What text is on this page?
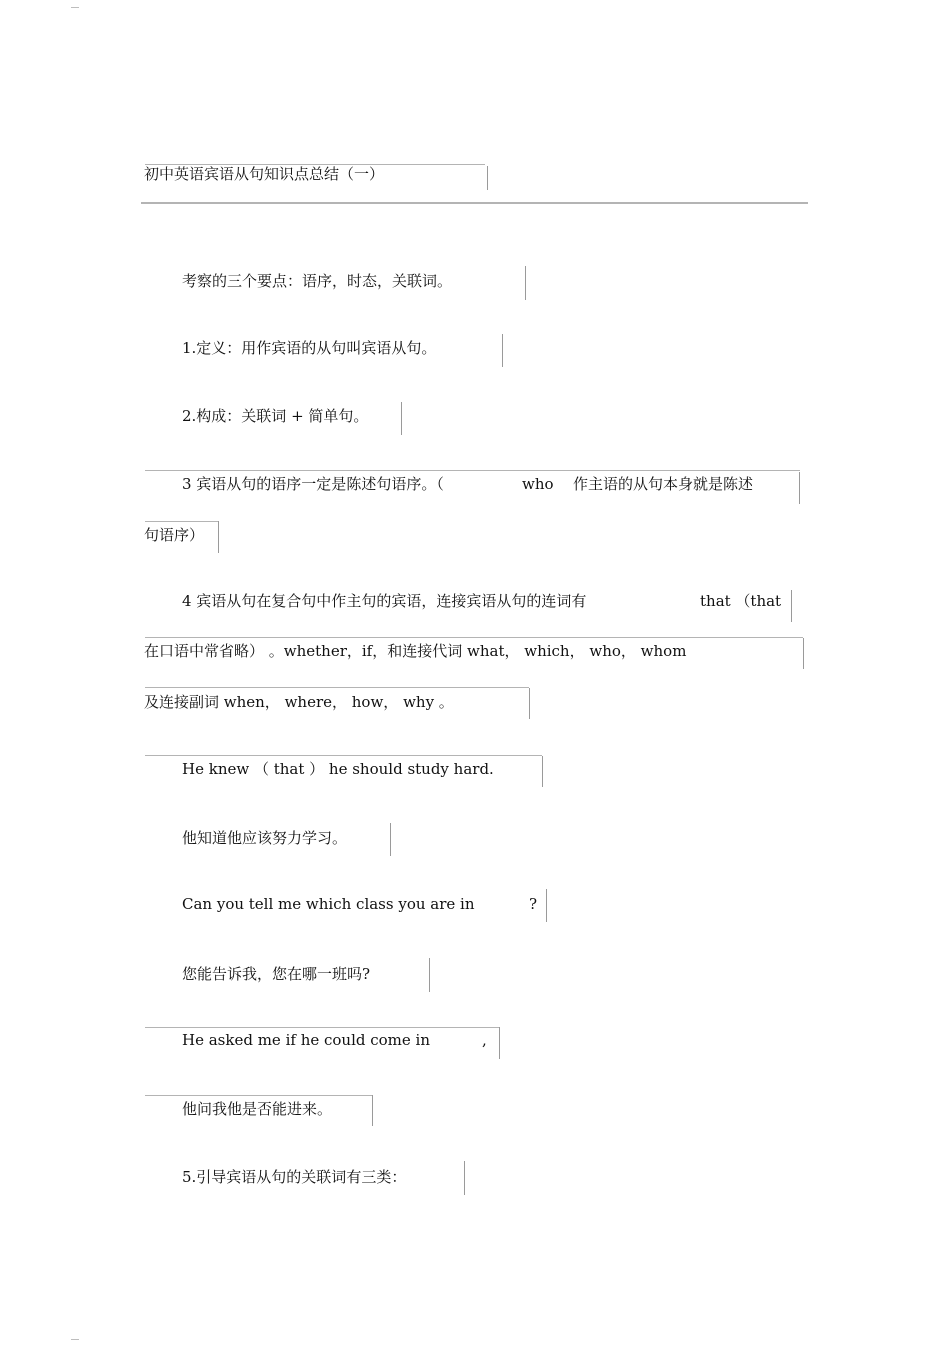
初中英语宾语从句知识点总结（一）
考察的三个要点：语序，时态，关联词。
1.定义：用作宾语的从句叫宾语从句。
2.构成：关联词 + 简单句。
3 宾语从句的语序一定是陈述句语序。（	who 作主语的从句本身就是陈述
句语序）
4 宾语从句在复合句中作主句的宾语，连接宾语从句的连词有	that （that
在口语中常省略） 。whether，if，和连接代词 what， which， who， whom
及连接副词 when， where， how， why 。
He knew （ that ） he should study hard.
他知道他应该努力学习。
Can you tell me which class you are in	?
您能告诉我，您在哪一班吗?
He asked me if he could come in	,
他问我他是否能进来。
5.引导宾语从句的关联词有三类：
